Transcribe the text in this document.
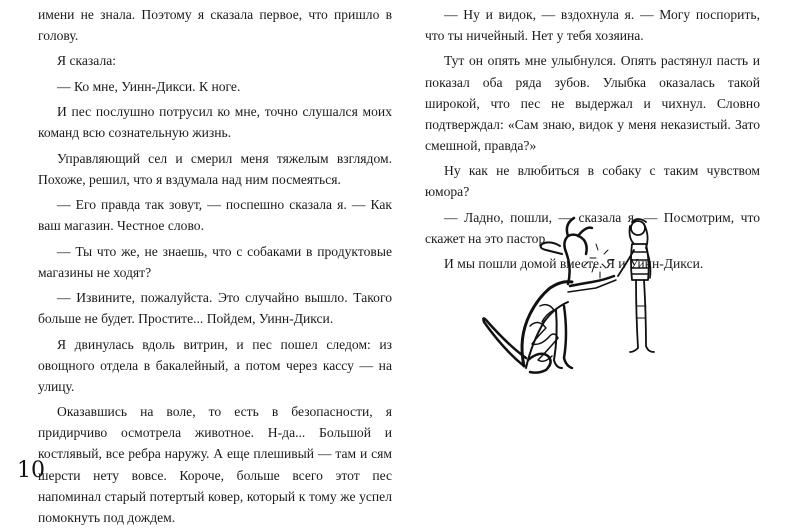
имени не знала. Поэтому я сказала первое, что пришло в голову.

Я сказала:

— Ко мне, Уинн-Дикси. К ноге.

И пес послушно потрусил ко мне, точно слушался моих команд всю сознательную жизнь.

Управляющий сел и смерил меня тяжелым взглядом. Похоже, решил, что я вздумала над ним посмеяться.

— Его правда так зовут, — поспешно сказала я. — Как ваш магазин. Честное слово.

— Ты что же, не знаешь, что с собаками в продуктовые магазины не ходят?

— Извините, пожалуйста. Это случайно вышло. Такого больше не будет. Простите... Пойдем, Уинн-Дикси.

Я двинулась вдоль витрин, и пес пошел следом: из овощного отдела в бакалейный, а потом через кассу — на улицу.

Оказавшись на воле, то есть в безопасности, я придирчиво осмотрела животное. Н-да... Большой и костлявый, все ребра наружу. А еще плешивый — там и сям шерсти нету вовсе. Короче, больше всего этот пес напоминал старый потертый ковер, который к тому же успел помокнуть под дождем.

— Ну и видок, — вздохнула я. — Могу поспорить, что ты ничейный. Нет у тебя хозяина.

Тут он опять мне улыбнулся. Опять растянул пасть и показал оба ряда зубов. Улыбка оказалась такой широкой, что пес не выдержал и чихнул. Словно подтверждал: «Сам знаю, видок у меня неказистый. Зато смешной, правда?»

Ну как не влюбиться в собаку с таким чувством юмора?

— Ладно, пошли, — сказала я. — Посмотрим, что скажет на это пастор.

И мы пошли домой вместе. Я и Уинн-Дикси.

10
